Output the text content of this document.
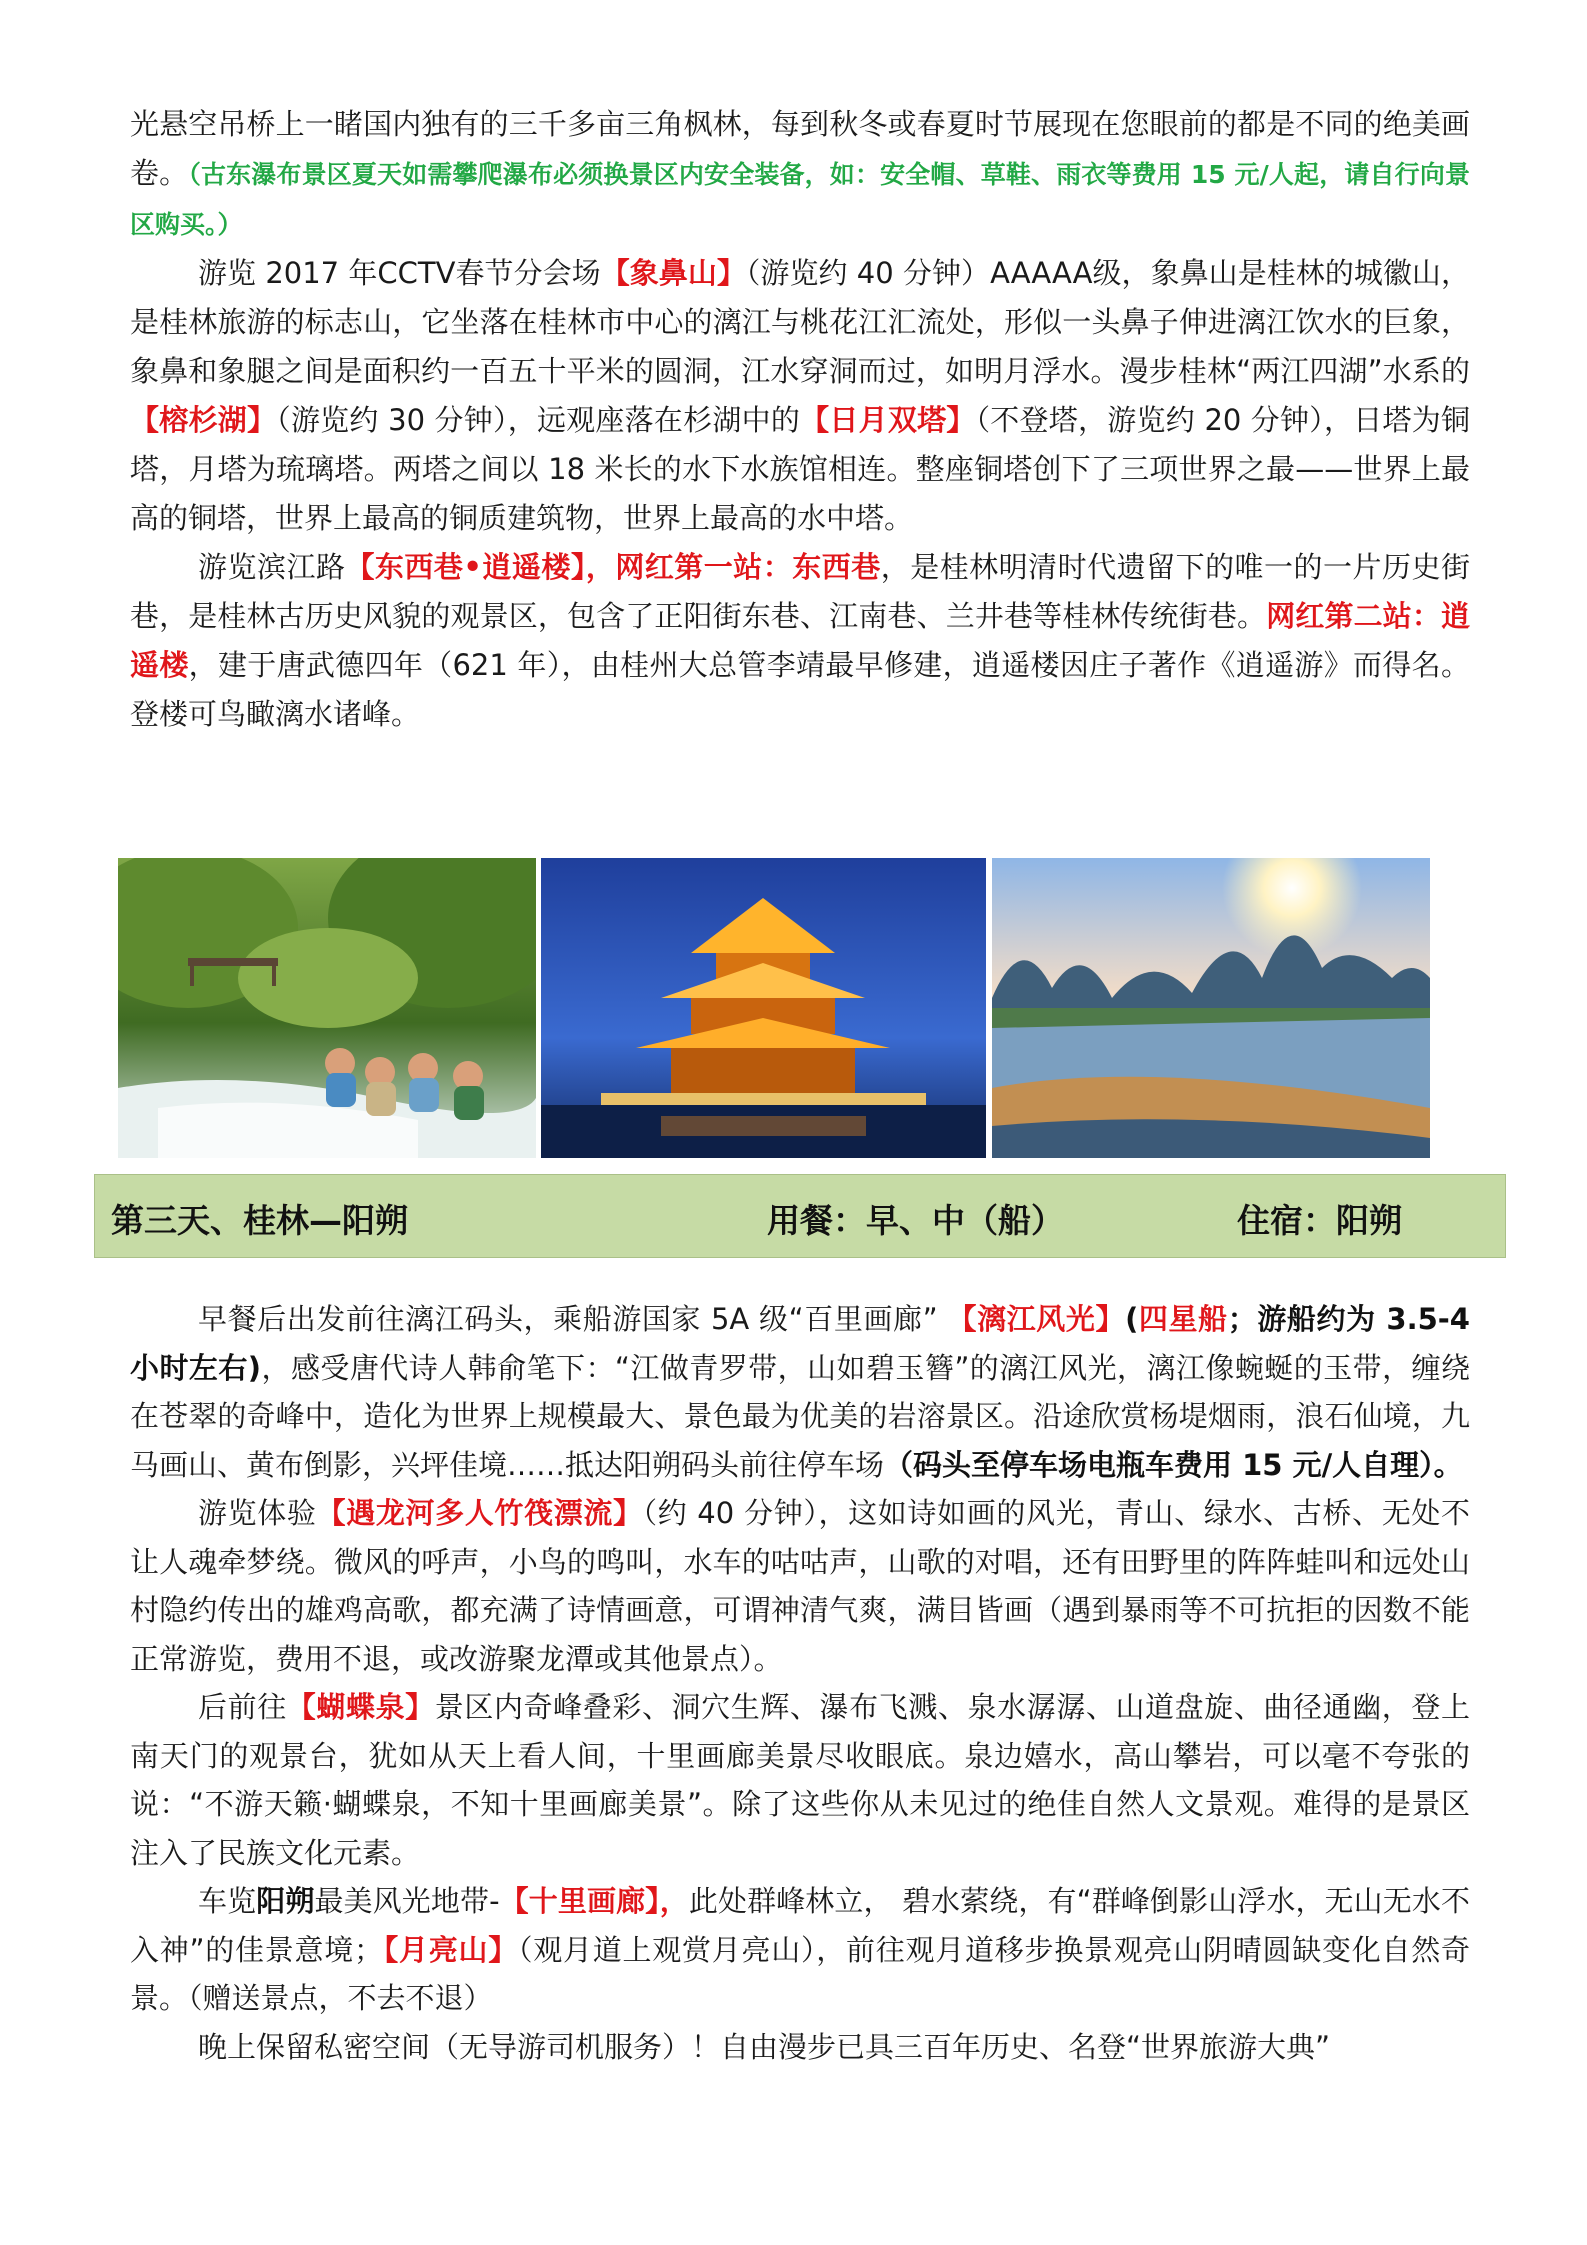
光悬空吊桥上一睹国内独有的三千多亩三角枫林，每到秋冬或春夏时节展现在您眼前的都是不同的绝美画卷。（古东瀑布景区夏天如需攀爬瀑布必须换景区内安全装备，如：安全帽、草鞋、雨衣等费用 15 元/人起，请自行向景区购买。）

游览 2017 年CCTV春节分会场【象鼻山】（游览约 40 分钟）AAAAA级，象鼻山是桂林的城徽山，是桂林旅游的标志山，它坐落在桂林市中心的漓江与桃花江汇流处，形似一头鼻子伸进漓江饮水的巨象，象鼻和象腿之间是面积约一百五十平米的圆洞，江水穿洞而过，如明月浮水。漫步桂林“两江四湖”水系的【榕杉湖】（游览约 30 分钟），远观座落在杉湖中的【日月双塔】（不登塔，游览约 20 分钟），日塔为铜塔，月塔为琉璃塔。两塔之间以 18 米长的水下水族馆相连。整座铜塔创下了三项世界之最——世界上最高的铜塔，世界上最高的铜质建筑物，世界上最高的水中塔。

游览滨江路【东西巷•逍遥楼】，网红第一站：东西巷，是桂林明清时代遗留下的唯一的一片历史街巷，是桂林古历史风貌的观景区，包含了正阳街东巷、江南巷、兰井巷等桂林传统街巷。网红第二站：逍遥楼，建于唐武德四年（621 年），由桂州大总管李靖最早修建，逍遥楼因庄子著作《逍遥游》而得名。登楼可鸟瞰漓水诸峰。

第三天、桂林—阳朔	用餐：早、中（船）	住宿：阳朔

早餐后出发前往漓江码头，乘船游国家 5A 级“百里画廊” 【漓江风光】(四星船；游船约为 3.5-4 小时左右)，感受唐代诗人韩俞笔下：“江做青罗带，山如碧玉簪”的漓江风光，漓江像蜿蜒的玉带，缠绕在苍翠的奇峰中，造化为世界上规模最大、景色最为优美的岩溶景区。沿途欣赏杨堤烟雨，浪石仙境，九马画山、黄布倒影，兴坪佳境……抵达阳朔码头前往停车场（码头至停车场电瓶车费用 15 元/人自理）。

游览体验【遇龙河多人竹筏漂流】（约 40 分钟），这如诗如画的风光，青山、绿水、古桥、无处不让人魂牵梦绕。微风的呼声，小鸟的鸣叫，水车的咕咕声，山歌的对唱，还有田野里的阵阵蛙叫和远处山村隐约传出的雄鸡高歌，都充满了诗情画意，可谓神清气爽，满目皆画（遇到暴雨等不可抗拒的因数不能正常游览，费用不退，或改游聚龙潭或其他景点）。

后前往【蝴蝶泉】景区内奇峰叠彩、洞穴生辉、瀑布飞溅、泉水潺潺、山道盘旋、曲径通幽，登上南天门的观景台，犹如从天上看人间，十里画廊美景尽收眼底。泉边嬉水，高山攀岩，可以毫不夸张的说：“不游天籁·蝴蝶泉，不知十里画廊美景”。除了这些你从未见过的绝佳自然人文景观。难得的是景区注入了民族文化元素。

车览阳朔最美风光地带-【十里画廊】，此处群峰林立， 碧水萦绕，有“群峰倒影山浮水，无山无水不入神”的佳景意境；【月亮山】（观月道上观赏月亮山），前往观月道移步换景观亮山阴晴圆缺变化自然奇景。（赠送景点，不去不退）

晚上保留私密空间（无导游司机服务）！自由漫步已具三百年历史、名登“世界旅游大典”
